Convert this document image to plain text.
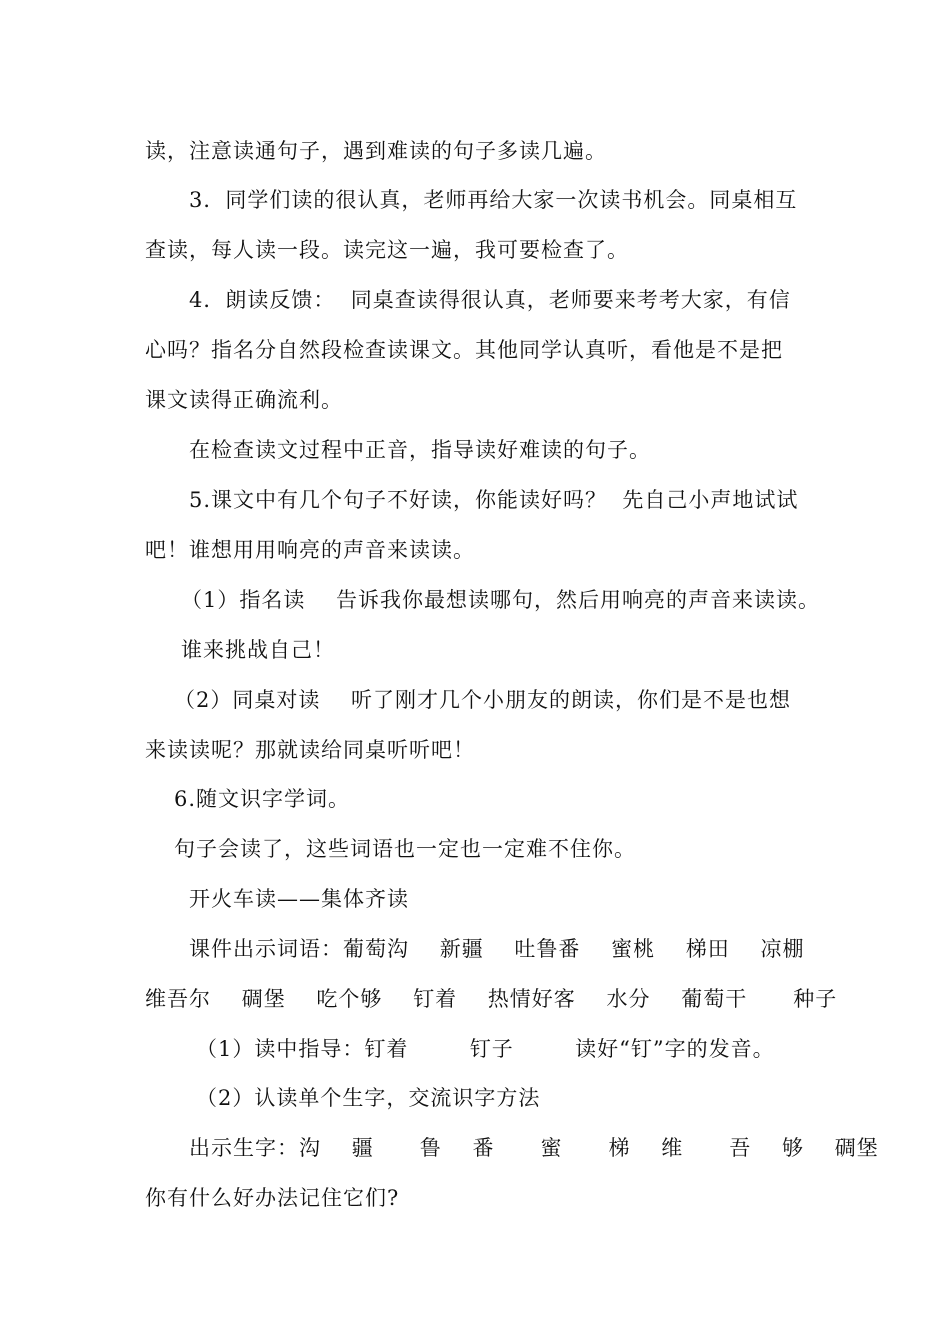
读，注意读通句子，遇到难读的句子多读几遍。
3．同学们读的很认真，老师再给大家一次读书机会。同桌相互
查读，每人读一段。读完这一遍，我可要检查了。
4．朗读反馈：  同桌查读得很认真，老师要来考考大家，有信
心吗？指名分自然段检查读课文。其他同学认真听，看他是不是把
课文读得正确流利。
在检查读文过程中正音，指导读好难读的句子。
5.课文中有几个句子不好读，你能读好吗？  先自己小声地试试
吧！谁想用用响亮的声音来读读。
（1）指名读    告诉我你最想读哪句，然后用响亮的声音来读读。
谁来挑战自己！
（2）同桌对读    听了刚才几个小朋友的朗读，你们是不是也想
来读读呢？那就读给同桌听听吧！
6.随文识字学词。
句子会读了，这些词语也一定也一定难不住你。
开火车读——集体齐读
课件出示词语：葡萄沟    新疆    吐鲁番    蜜桃    梯田    凉棚
维吾尔    碉堡    吃个够    钉着    热情好客    水分    葡萄干      种子
（1）读中指导：钉着        钉子        读好“钉”字的发音。
（2）认读单个生字，交流识字方法
出示生字：沟    疆      鲁    番      蜜      梯    维      吾    够    碉堡
你有什么好办法记住它们?
